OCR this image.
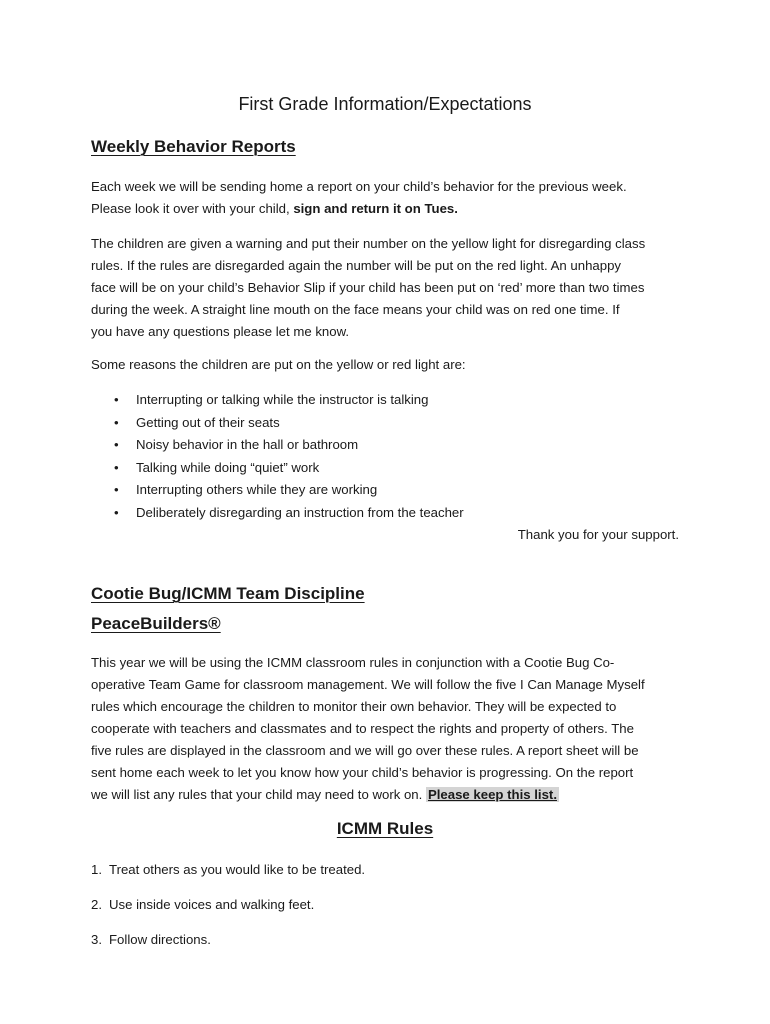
First Grade Information/Expectations
Weekly Behavior Reports
Each week we will be sending home a report on your child’s behavior for the previous week.
Please look it over with your child, sign and return it on Tues.
The children are given a warning and put their number on the yellow light for disregarding class
rules. If the rules are disregarded again the number will be put on the red light. An unhappy
face will be on your child’s Behavior Slip if your child has been put on ‘red’ more than two times
during the week. A straight line mouth on the face means your child was on red one time. If
you have any questions please let me know.
Some reasons the children are put on the yellow or red light are:
• Interrupting or talking while the instructor is talking
• Getting out of their seats
• Noisy behavior in the hall or bathroom
• Talking while doing “quiet” work
• Interrupting others while they are working
• Deliberately disregarding an instruction from the teacher
Thank you for your support.
Cootie Bug/ICMM Team Discipline
PeaceBuilders®
This year we will be using the ICMM classroom rules in conjunction with a Cootie Bug Co-
operative Team Game for classroom management. We will follow the five I Can Manage Myself
rules which encourage the children to monitor their own behavior. They will be expected to
cooperate with teachers and classmates and to respect the rights and property of others. The
five rules are displayed in the classroom and we will go over these rules. A report sheet will be
sent home each week to let you know how your child’s behavior is progressing. On the report
we will list any rules that your child may need to work on. Please keep this list.
ICMM Rules
1. Treat others as you would like to be treated.
2. Use inside voices and walking feet.
3. Follow directions.
